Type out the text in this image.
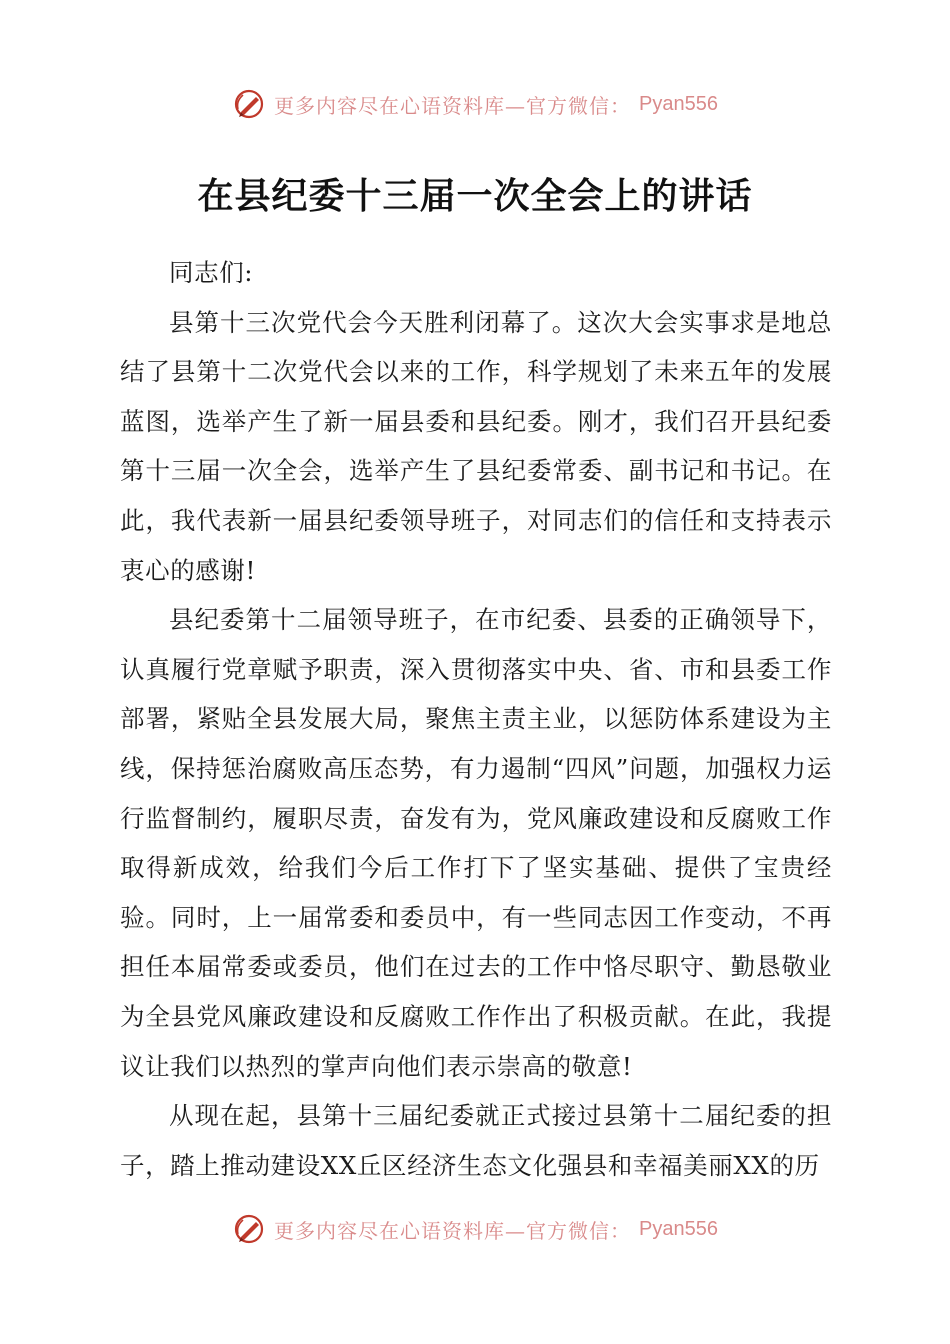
更多内容尽在心语资料库—官方微信： Pyan556
在县纪委十三届一次全会上的讲话

同志们:

县第十三次党代会今天胜利闭幕了。这次大会实事求是地总结了县第十二次党代会以来的工作，科学规划了未来五年的发展蓝图，选举产生了新一届县委和县纪委。刚才，我们召开县纪委第十三届一次全会，选举产生了县纪委常委、副书记和书记。在此，我代表新一届县纪委领导班子，对同志们的信任和支持表示衷心的感谢!

县纪委第十二届领导班子，在市纪委、县委的正确领导下，认真履行党章赋予职责，深入贯彻落实中央、省、市和县委工作部署，紧贴全县发展大局，聚焦主责主业，以惩防体系建设为主线，保持惩治腐败高压态势，有力遏制“四风”问题，加强权力运行监督制约，履职尽责，奋发有为，党风廉政建设和反腐败工作取得新成效，给我们今后工作打下了坚实基础、提供了宝贵经验。同时，上一届常委和委员中，有一些同志因工作变动，不再担任本届常委或委员，他们在过去的工作中恪尽职守、勤恳敬业为全县党风廉政建设和反腐败工作作出了积极贡献。在此，我提议让我们以热烈的掌声向他们表示崇高的敬意!

从现在起，县第十三届纪委就正式接过县第十二届纪委的担子，踏上推动建设XX丘区经济生态文化强县和幸福美丽XX的历

更多内容尽在心语资料库—官方微信： Pyan556
